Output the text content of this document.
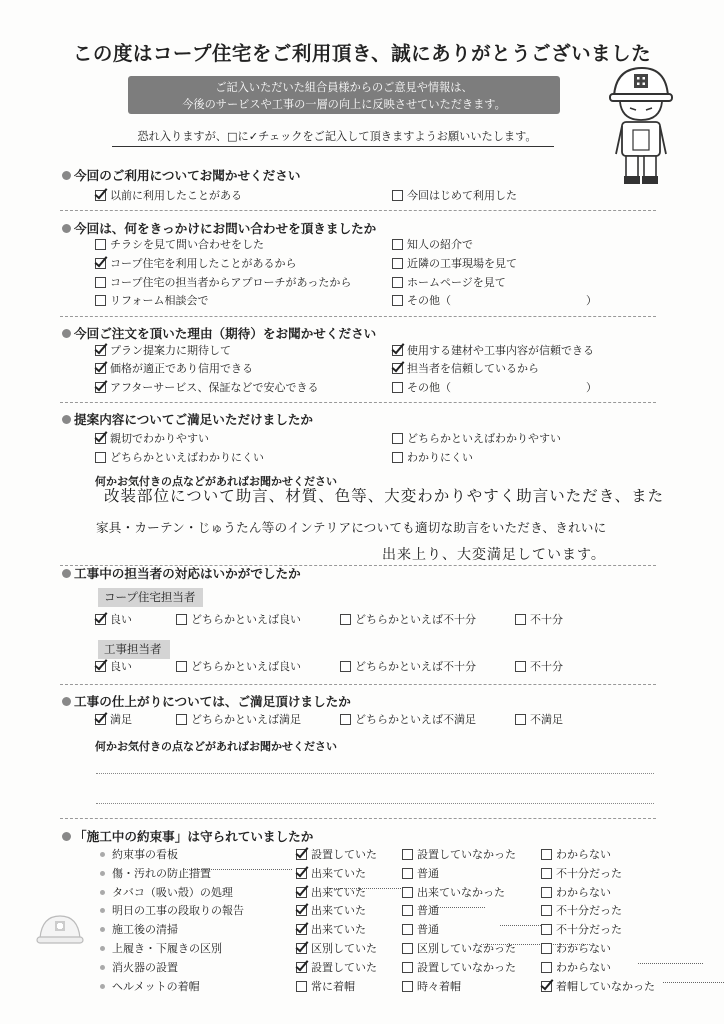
この度はコープ住宅をご利用頂き、誠にありがとうございました
ご記入いただいた組合員様からのご意見や情報は、
今後のサービスや工事の一層の向上に反映させていただきます。
恐れ入りますが、□に✓チェックをご記入して頂きますようお願いいたします。
今回のご利用についてお聞かせください
以前に利用したことがある	今回はじめて利用した
今回は、何をきっかけにお問い合わせを頂きましたか
チラシを見て問い合わせをした	知人の紹介で
コープ住宅を利用したことがあるから	近隣の工事現場を見て
コープ住宅の担当者からアプローチがあったから	ホームページを見て
リフォーム相談会で	その他（	）
今回ご注文を頂いた理由（期待）をお聞かせください
プラン提案力に期待して	使用する建材や工事内容が信頼できる
価格が適正であり信用できる	担当者を信頼しているから
アフターサービス、保証などで安心できる	その他（	）
提案内容についてご満足いただけましたか
親切でわかりやすい	どちらかといえばわかりやすい
どちらかといえばわかりにくい	わかりにくい
何かお気付きの点などがあればお聞かせください
改装部位について助言、材質、色等、大変わかりやすく助言いただき、また
家具・カーテン・じゅうたん等のインテリアについても適切な助言をいただき、きれいに
出来上り、大変満足しています。
工事中の担当者の対応はいかがでしたか
コープ住宅担当者
良い	どちらかといえば良い	どちらかといえば不十分	不十分
工事担当者
良い	どちらかといえば良い	どちらかといえば不十分	不十分
工事の仕上がりについては、ご満足頂けましたか
満足	どちらかといえば満足	どちらかといえば不満足	不満足
何かお気付きの点などがあればお聞かせください
「施工中の約束事」は守られていましたか
約束事の看板	設置していた	設置していなかった	わからない
傷・汚れの防止措置	出来ていた	普通	不十分だった
タバコ（吸い殻）の処理	出来ていた	出来ていなかった	わからない
明日の工事の段取りの報告	出来ていた	普通	不十分だった
施工後の清掃	出来ていた	普通	不十分だった
上履き・下履きの区別	区別していた	区別していなかった	わからない
消火器の設置	設置していた	設置していなかった	わからない
ヘルメットの着帽	常に着帽	時々着帽	着帽していなかった
